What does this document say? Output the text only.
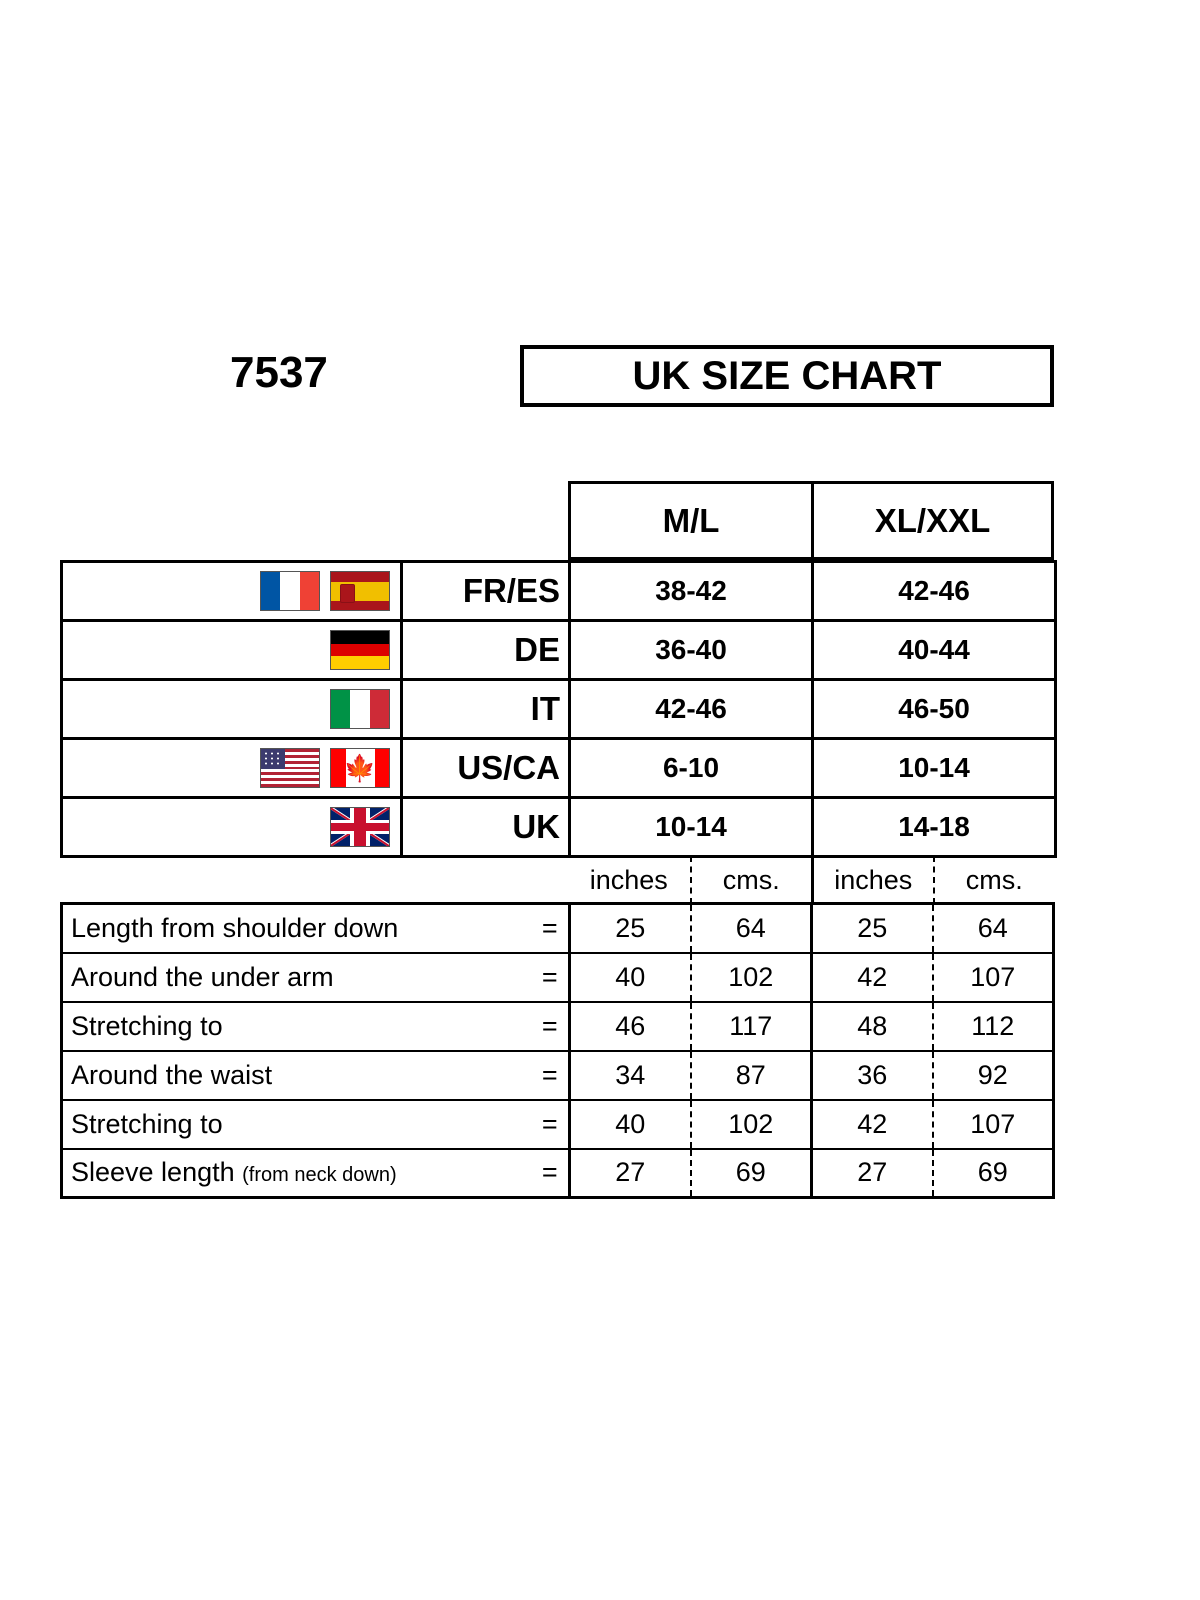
7537	UK SIZE CHART
M/L	XL/XXL
	FR/ES	38-42	42-46

	DE	36-40	40-44

	IT	42-46	46-50

🍁	US/CA	6-10	10-14

	UK	10-14	14-18
inches	cms.	inches	cms.
Length from shoulder down	=	25	64	25	64
Around the under arm	=	40	102	42	107
Stretching to	=	46	117	48	112
Around the waist	=	34	87	36	92
Stretching to	=	40	102	42	107
Sleeve length (from neck down)	=	27	69	27	69
